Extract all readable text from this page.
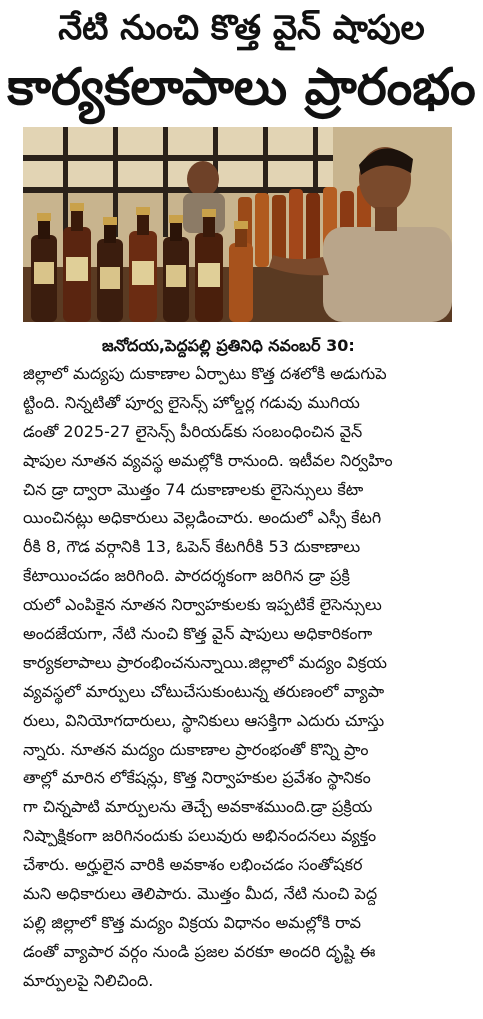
నేటి నుంచి కొత్త వైన్ షాపుల
కార్యకలాపాలు ప్రారంభం
జనోదయ,పెద్దపల్లి ప్రతినిధి నవంబర్ 30:
జిల్లాలో మద్యపు దుకాణాల ఏర్పాటు కొత్త దశలోకి అడుగుపె
ట్టింది. నిన్నటితో పూర్వ లైసెన్స్ హోల్డర్ల గడువు ముగియ
డంతో 2025-27 లైసెన్స్ పీరియడ్‌కు సంబంధించిన వైన్
షాపుల నూతన వ్యవస్థ అమల్లోకి రానుంది. ఇటీవల నిర్వహిం
చిన డ్రా ద్వారా మొత్తం 74 దుకాణాలకు లైసెన్సులు కేటా
యించినట్లు అధికారులు వెల్లడించారు. అందులో ఎస్సీ కేటగి
రీకి 8, గౌడ వర్గానికి 13, ఓపెన్ కేటగిరీకి 53 దుకాణాలు
కేటాయించడం జరిగింది. పారదర్శకంగా జరిగిన డ్రా ప్రక్రి
యలో ఎంపికైన నూతన నిర్వాహకులకు ఇప్పటికే లైసెన్సులు
అందజేయగా, నేటి నుంచి కొత్త వైన్ షాపులు అధికారికంగా
కార్యకలాపాలు ప్రారంభించనున్నాయి.జిల్లాలో మద్యం విక్రయ
వ్యవస్థలో మార్పులు చోటుచేసుకుంటున్న తరుణంలో వ్యాపా
రులు, వినియోగదారులు, స్థానికులు ఆసక్తిగా ఎదురు చూస్తు
న్నారు. నూతన మద్యం దుకాణాల ప్రారంభంతో కొన్ని ప్రాం
తాల్లో మారిన లోకేషన్లు, కొత్త నిర్వాహకుల ప్రవేశం స్థానికం
గా చిన్నపాటి మార్పులను తెచ్చే అవకాశముంది.డ్రా ప్రక్రియ
నిష్పాక్షికంగా జరిగినందుకు పలువురు అభినందనలు వ్యక్తం
చేశారు. అర్హులైన వారికి అవకాశం లభించడం సంతోషకర
మని అధికారులు తెలిపారు. మొత్తం మీద, నేటి నుంచి పెద్ద
పల్లి జిల్లాలో కొత్త మద్యం విక్రయ విధానం అమల్లోకి రావ
డంతో వ్యాపార వర్గం నుండి ప్రజల వరకూ అందరి దృష్టి ఈ
మార్పులపై నిలిచింది.
